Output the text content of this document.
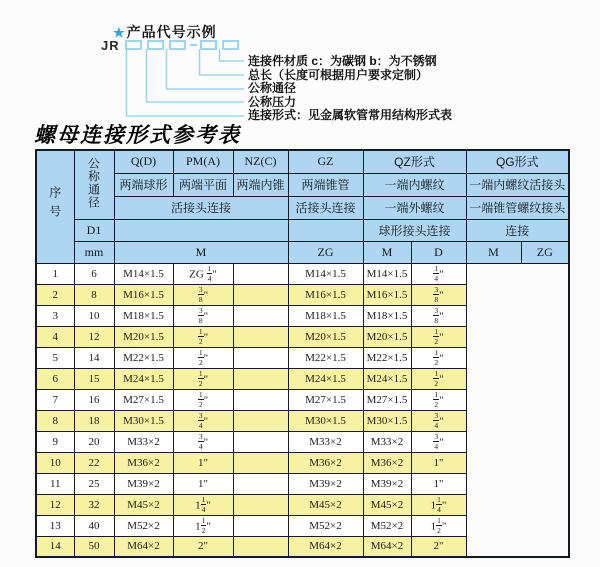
★产品代号示例
JR
连接件材质 c：为碳钢 b：为不锈钢
总长（长度可根据用户要求定制）
公称通径
公称压力
连接形式：见金属软管常用结构形式表
螺母连接形式参考表
序号	公称通径	Q(D)	PM(A)	NZ(C)	GZ	QZ形式		QG形式	
		两端球形	两端平面	两端内锥	两端锥管	一端内螺纹		一端内螺纹活接头	
		活接头连接			活接头连接	一端外螺纹		一端锥管螺纹接头	
	D1					球形接头连接		连接	
	mm	M			ZG	M	D	M	ZG
1	6	M14×1.5	ZG $\frac{1}{4}$ "		M14×1.5	M14×1.5	$\frac{1}{4}$ "		
2	8	M16×1.5	$\frac{3}{8}$ "		M16×1.5	M16×1.5	$\frac{3}{8}$ "		
3	10	M18×1.5	$\frac{3}{8}$ "		M18×1.5	M18×1.5	$\frac{3}{8}$ "		
4	12	M20×1.5	$\frac{1}{2}$ "		M20×1.5	M20×1.5	$\frac{1}{2}$ "		
5	14	M22×1.5	$\frac{1}{2}$ "		M22×1.5	M22×1.5	$\frac{1}{2}$ "		
6	15	M24×1.5	$\frac{1}{2}$ "		M24×1.5	M24×1.5	$\frac{1}{2}$ "		
7	16	M27×1.5	$\frac{1}{2}$ "		M27×1.5	M27×1.5	$\frac{1}{2}$ "		
8	18	M30×1.5	$\frac{3}{4}$ "		M30×1.5	M30×1.5	$\frac{3}{4}$ "		
9	20	M33×2	$\frac{3}{4}$ "		M33×2	M33×2	$\frac{3}{4}$ "		
10	22	M36×2	1"		M36×2	M36×2	1"		
11	25	M39×2	1"		M39×2	M39×2	1"		
12	32	M45×2	$1 \frac{1}{4}$ "		M45×2	M45×2	$1 \frac{1}{4}$ "		
13	40	M52×2	$1 \frac{1}{2}$ "		M52×2	M52×2	$1 \frac{1}{2}$ "		
14	50	M64×2	2"		M64×2	M64×2	2"		
